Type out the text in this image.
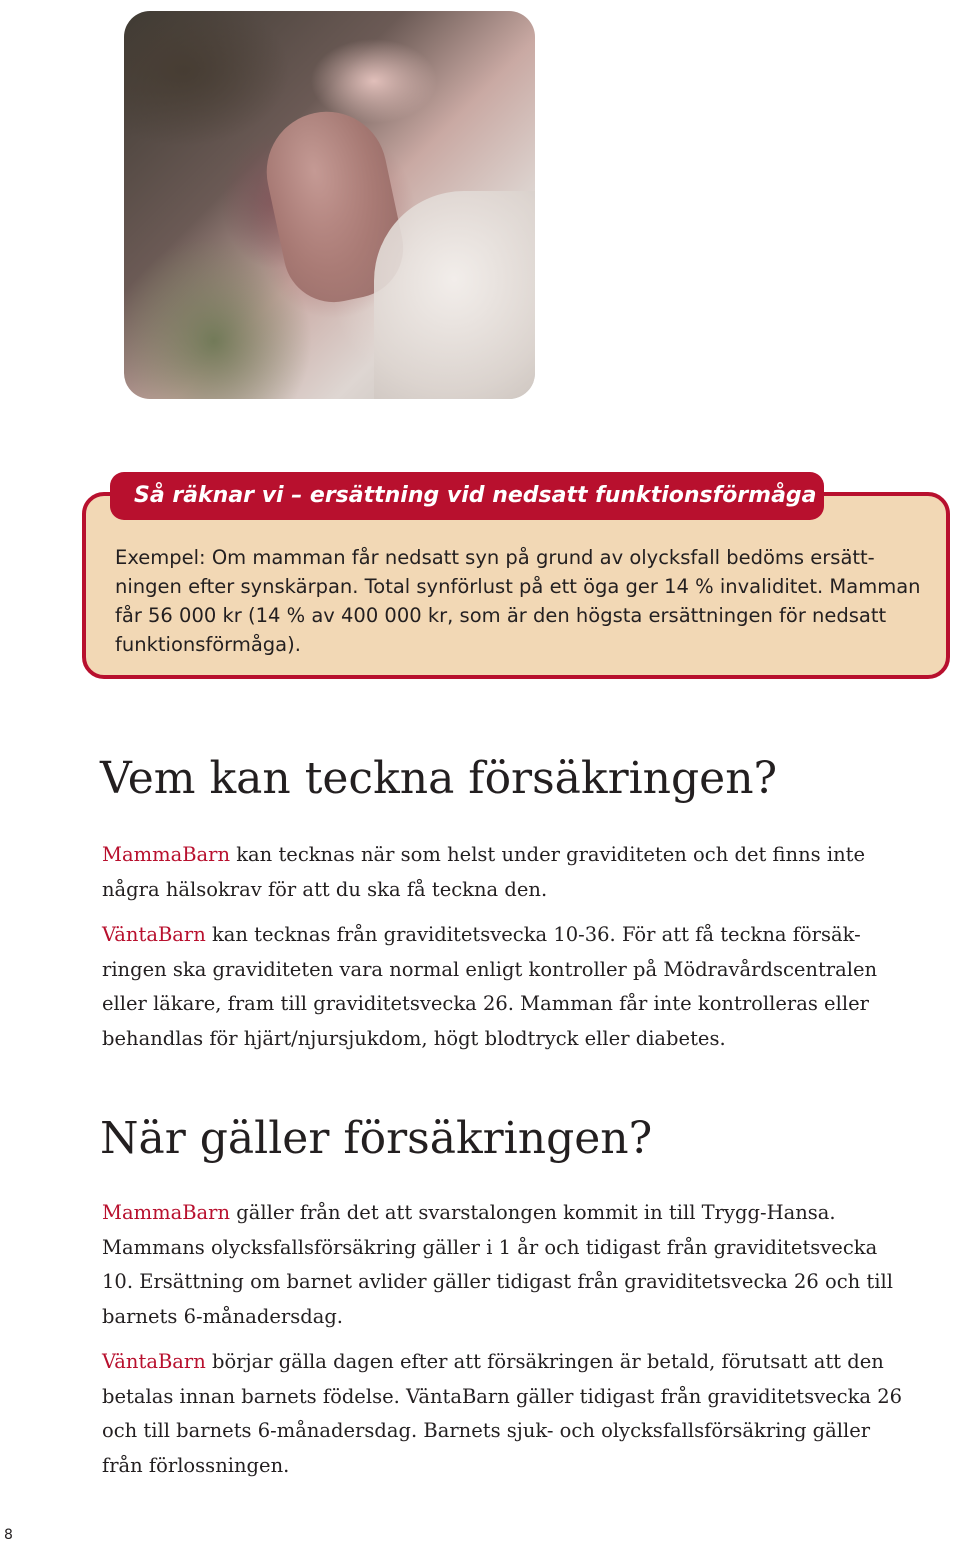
Så räknar vi – ersättning vid nedsatt funktionsförmåga

Exempel: Om mamman får nedsatt syn på grund av olycksfall bedöms ersätt-
ningen efter synskärpan. Total synförlust på ett öga ger 14 % invaliditet. Mamman
får 56 000 kr (14 % av 400 000 kr, som är den högsta ersättningen för nedsatt
funktionsförmåga).

Vem kan teckna försäkringen?

MammaBarn kan tecknas när som helst under graviditeten och det finns inte
några hälsokrav för att du ska få teckna den.

VäntaBarn kan tecknas från graviditetsvecka 10-36. För att få teckna försäk-
ringen ska graviditeten vara normal enligt kontroller på Mödravårdscentralen
eller läkare, fram till graviditetsvecka 26. Mamman får inte kontrolleras eller
behandlas för hjärt/njursjukdom, högt blodtryck eller diabetes.

När gäller försäkringen?

MammaBarn gäller från det att svarstalongen kommit in till Trygg-Hansa.
Mammans olycksfallsförsäkring gäller i 1 år och tidigast från graviditetsvecka
10. Ersättning om barnet avlider gäller tidigast från graviditetsvecka 26 och till
barnets 6-månadersdag.

VäntaBarn börjar gälla dagen efter att försäkringen är betald, förutsatt att den
betalas innan barnets födelse. VäntaBarn gäller tidigast från graviditetsvecka 26
och till barnets 6-månadersdag. Barnets sjuk- och olycksfallsförsäkring gäller
från förlossningen.

8
